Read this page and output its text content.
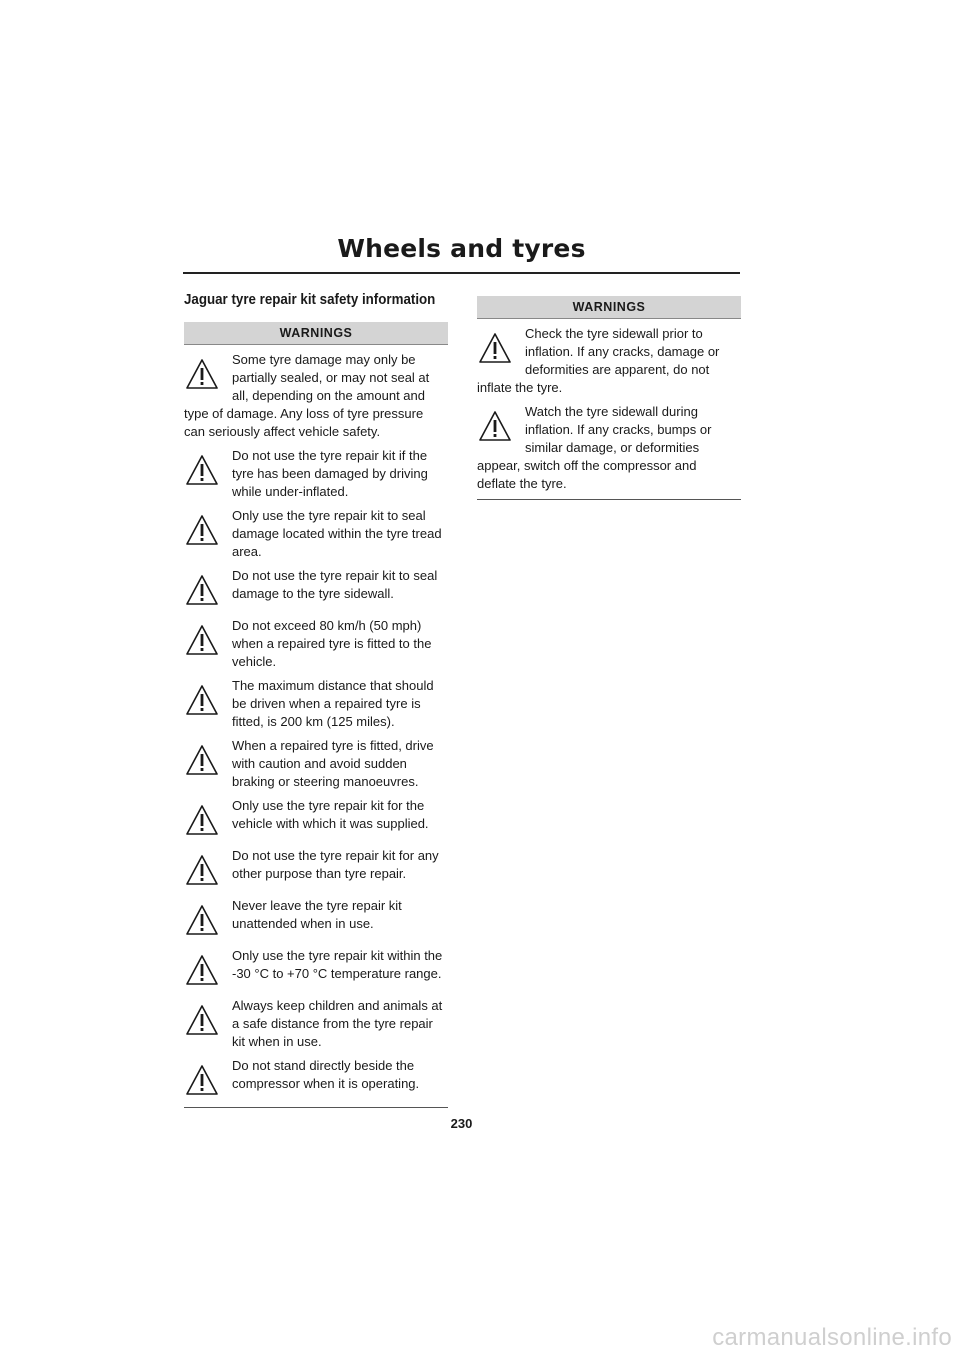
Wheels and tyres
Jaguar tyre repair kit safety information
WARNINGS

Some tyre damage may only be partially sealed, or may not seal at all, depending on the amount and type of damage. Any loss of tyre pressure can seriously affect vehicle safety.

Do not use the tyre repair kit if the tyre has been damaged by driving while under-inflated.

Only use the tyre repair kit to seal damage located within the tyre tread area.

Do not use the tyre repair kit to seal damage to the tyre sidewall.

Do not exceed 80 km/h (50 mph) when a repaired tyre is fitted to the vehicle.

The maximum distance that should be driven when a repaired tyre is fitted, is 200 km (125 miles).

When a repaired tyre is fitted, drive with caution and avoid sudden braking or steering manoeuvres.

Only use the tyre repair kit for the vehicle with which it was supplied.

Do not use the tyre repair kit for any other purpose than tyre repair.

Never leave the tyre repair kit unattended when in use.

Only use the tyre repair kit within the -30 °C to +70 °C temperature range.

Always keep children and animals at a safe distance from the tyre repair kit when in use.

Do not stand directly beside the compressor when it is operating.

WARNINGS

Check the tyre sidewall prior to inflation. If any cracks, damage or deformities are apparent, do not inflate the tyre.

Watch the tyre sidewall during inflation. If any cracks, bumps or similar damage, or deformities appear, switch off the compressor and deflate the tyre.

230
carmanualsonline.info
